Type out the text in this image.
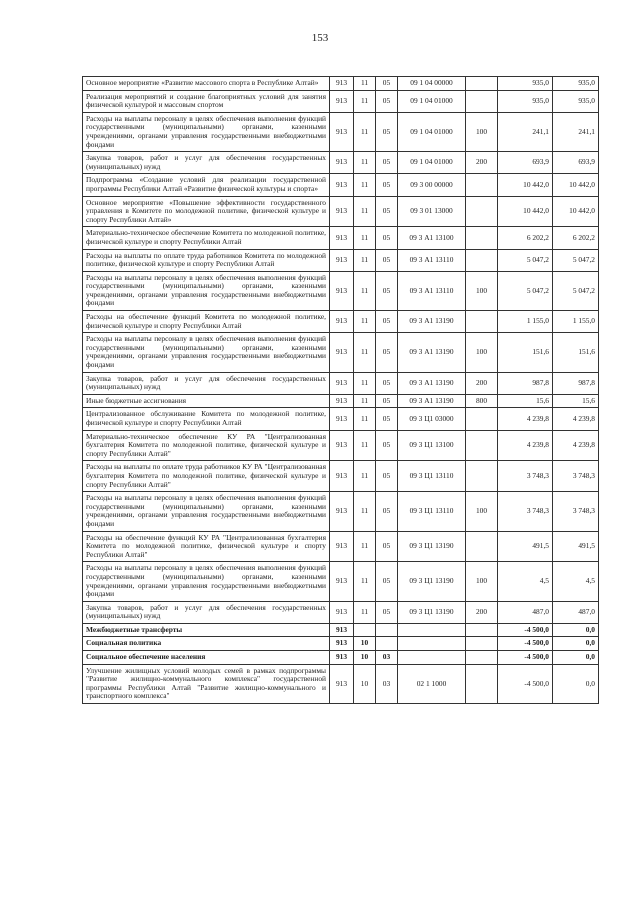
153
Основное мероприятие «Развитие массового спорта в Республике Алтай»	913	11	05	09 1 04 00000		935,0	935,0
Реализация мероприятий и создание благоприятных условий для занятия физической культурой и массовым спортом	913	11	05	09 1 04 01000		935,0	935,0
Расходы на выплаты персоналу в целях обеспечения выполнения функций государственными (муниципальными) органами, казенными учреждениями, органами управления государственными внебюджетными фондами	913	11	05	09 1 04 01000	100	241,1	241,1
Закупка товаров, работ и услуг для обеспечения государственных (муниципальных) нужд	913	11	05	09 1 04 01000	200	693,9	693,9
Подпрограмма «Создание условий для реализации государственной программы Республики Алтай «Развитие физической культуры и спорта»	913	11	05	09 3 00 00000		10 442,0	10 442,0
Основное мероприятие «Повышение эффективности государственного управления в Комитете по молодежной политике, физической культуре и спорту Республики Алтай»	913	11	05	09 3 01 13000		10 442,0	10 442,0
Материально-техническое обеспечение Комитета по молодежной политике, физической культуре и спорту Республики Алтай	913	11	05	09 3 А1 13100		6 202,2	6 202,2
Расходы на выплаты по оплате труда работников Комитета по молодежной политике, физической культуре и спорту Республики Алтай	913	11	05	09 3 А1 13110		5 047,2	5 047,2
Расходы на выплаты персоналу в целях обеспечения выполнения функций государственными (муниципальными) органами, казенными учреждениями, органами управления государственными внебюджетными фондами	913	11	05	09 3 А1 13110	100	5 047,2	5 047,2
Расходы на обеспечение функций Комитета по молодежной политике, физической культуре и спорту Республики Алтай	913	11	05	09 3 А1 13190		1 155,0	1 155,0
Расходы на выплаты персоналу в целях обеспечения выполнения функций государственными (муниципальными) органами, казенными учреждениями, органами управления государственными внебюджетными фондами	913	11	05	09 3 А1 13190	100	151,6	151,6
Закупка товаров, работ и услуг для обеспечения государственных (муниципальных) нужд	913	11	05	09 3 А1 13190	200	987,8	987,8
Иные бюджетные ассигнования	913	11	05	09 3 А1 13190	800	15,6	15,6
Централизованное обслуживание Комитета по молодежной политике, физической культуре и спорту Республики Алтай	913	11	05	09 3 Ц1 03000		4 239,8	4 239,8
Материально-техническое обеспечение КУ РА "Централизованная бухгалтерия Комитета по молодежной политике, физической культуре и спорту Республики Алтай"	913	11	05	09 3 Ц1 13100		4 239,8	4 239,8
Расходы на выплаты по оплате труда работников КУ РА "Централизованная бухгалтерия Комитета по молодежной политике, физической культуре и спорту Республики Алтай"	913	11	05	09 3 Ц1 13110		3 748,3	3 748,3
Расходы на выплаты персоналу в целях обеспечения выполнения функций государственными (муниципальными) органами, казенными учреждениями, органами управления государственными внебюджетными фондами	913	11	05	09 3 Ц1 13110	100	3 748,3	3 748,3
Расходы на обеспечение функций КУ РА "Централизованная бухгалтерия Комитета по молодежной политике, физической культуре и спорту Республики Алтай"	913	11	05	09 3 Ц1 13190		491,5	491,5
Расходы на выплаты персоналу в целях обеспечения выполнения функций государственными (муниципальными) органами, казенными учреждениями, органами управления государственными внебюджетными фондами	913	11	05	09 3 Ц1 13190	100	4,5	4,5
Закупка товаров, работ и услуг для обеспечения государственных (муниципальных) нужд	913	11	05	09 3 Ц1 13190	200	487,0	487,0
Межбюджетные трансферты	913					-4 500,0	0,0
Социальная политика	913	10				-4 500,0	0,0
Социальное обеспечение населения	913	10	03			-4 500,0	0,0
Улучшение жилищных условий молодых семей в рамках подпрограммы "Развитие жилищно-коммунального комплекса" государственной программы Республики Алтай "Развитие жилищно-коммунального и транспортного комплекса"	913	10	03	02 1 1000		-4 500,0	0,0
